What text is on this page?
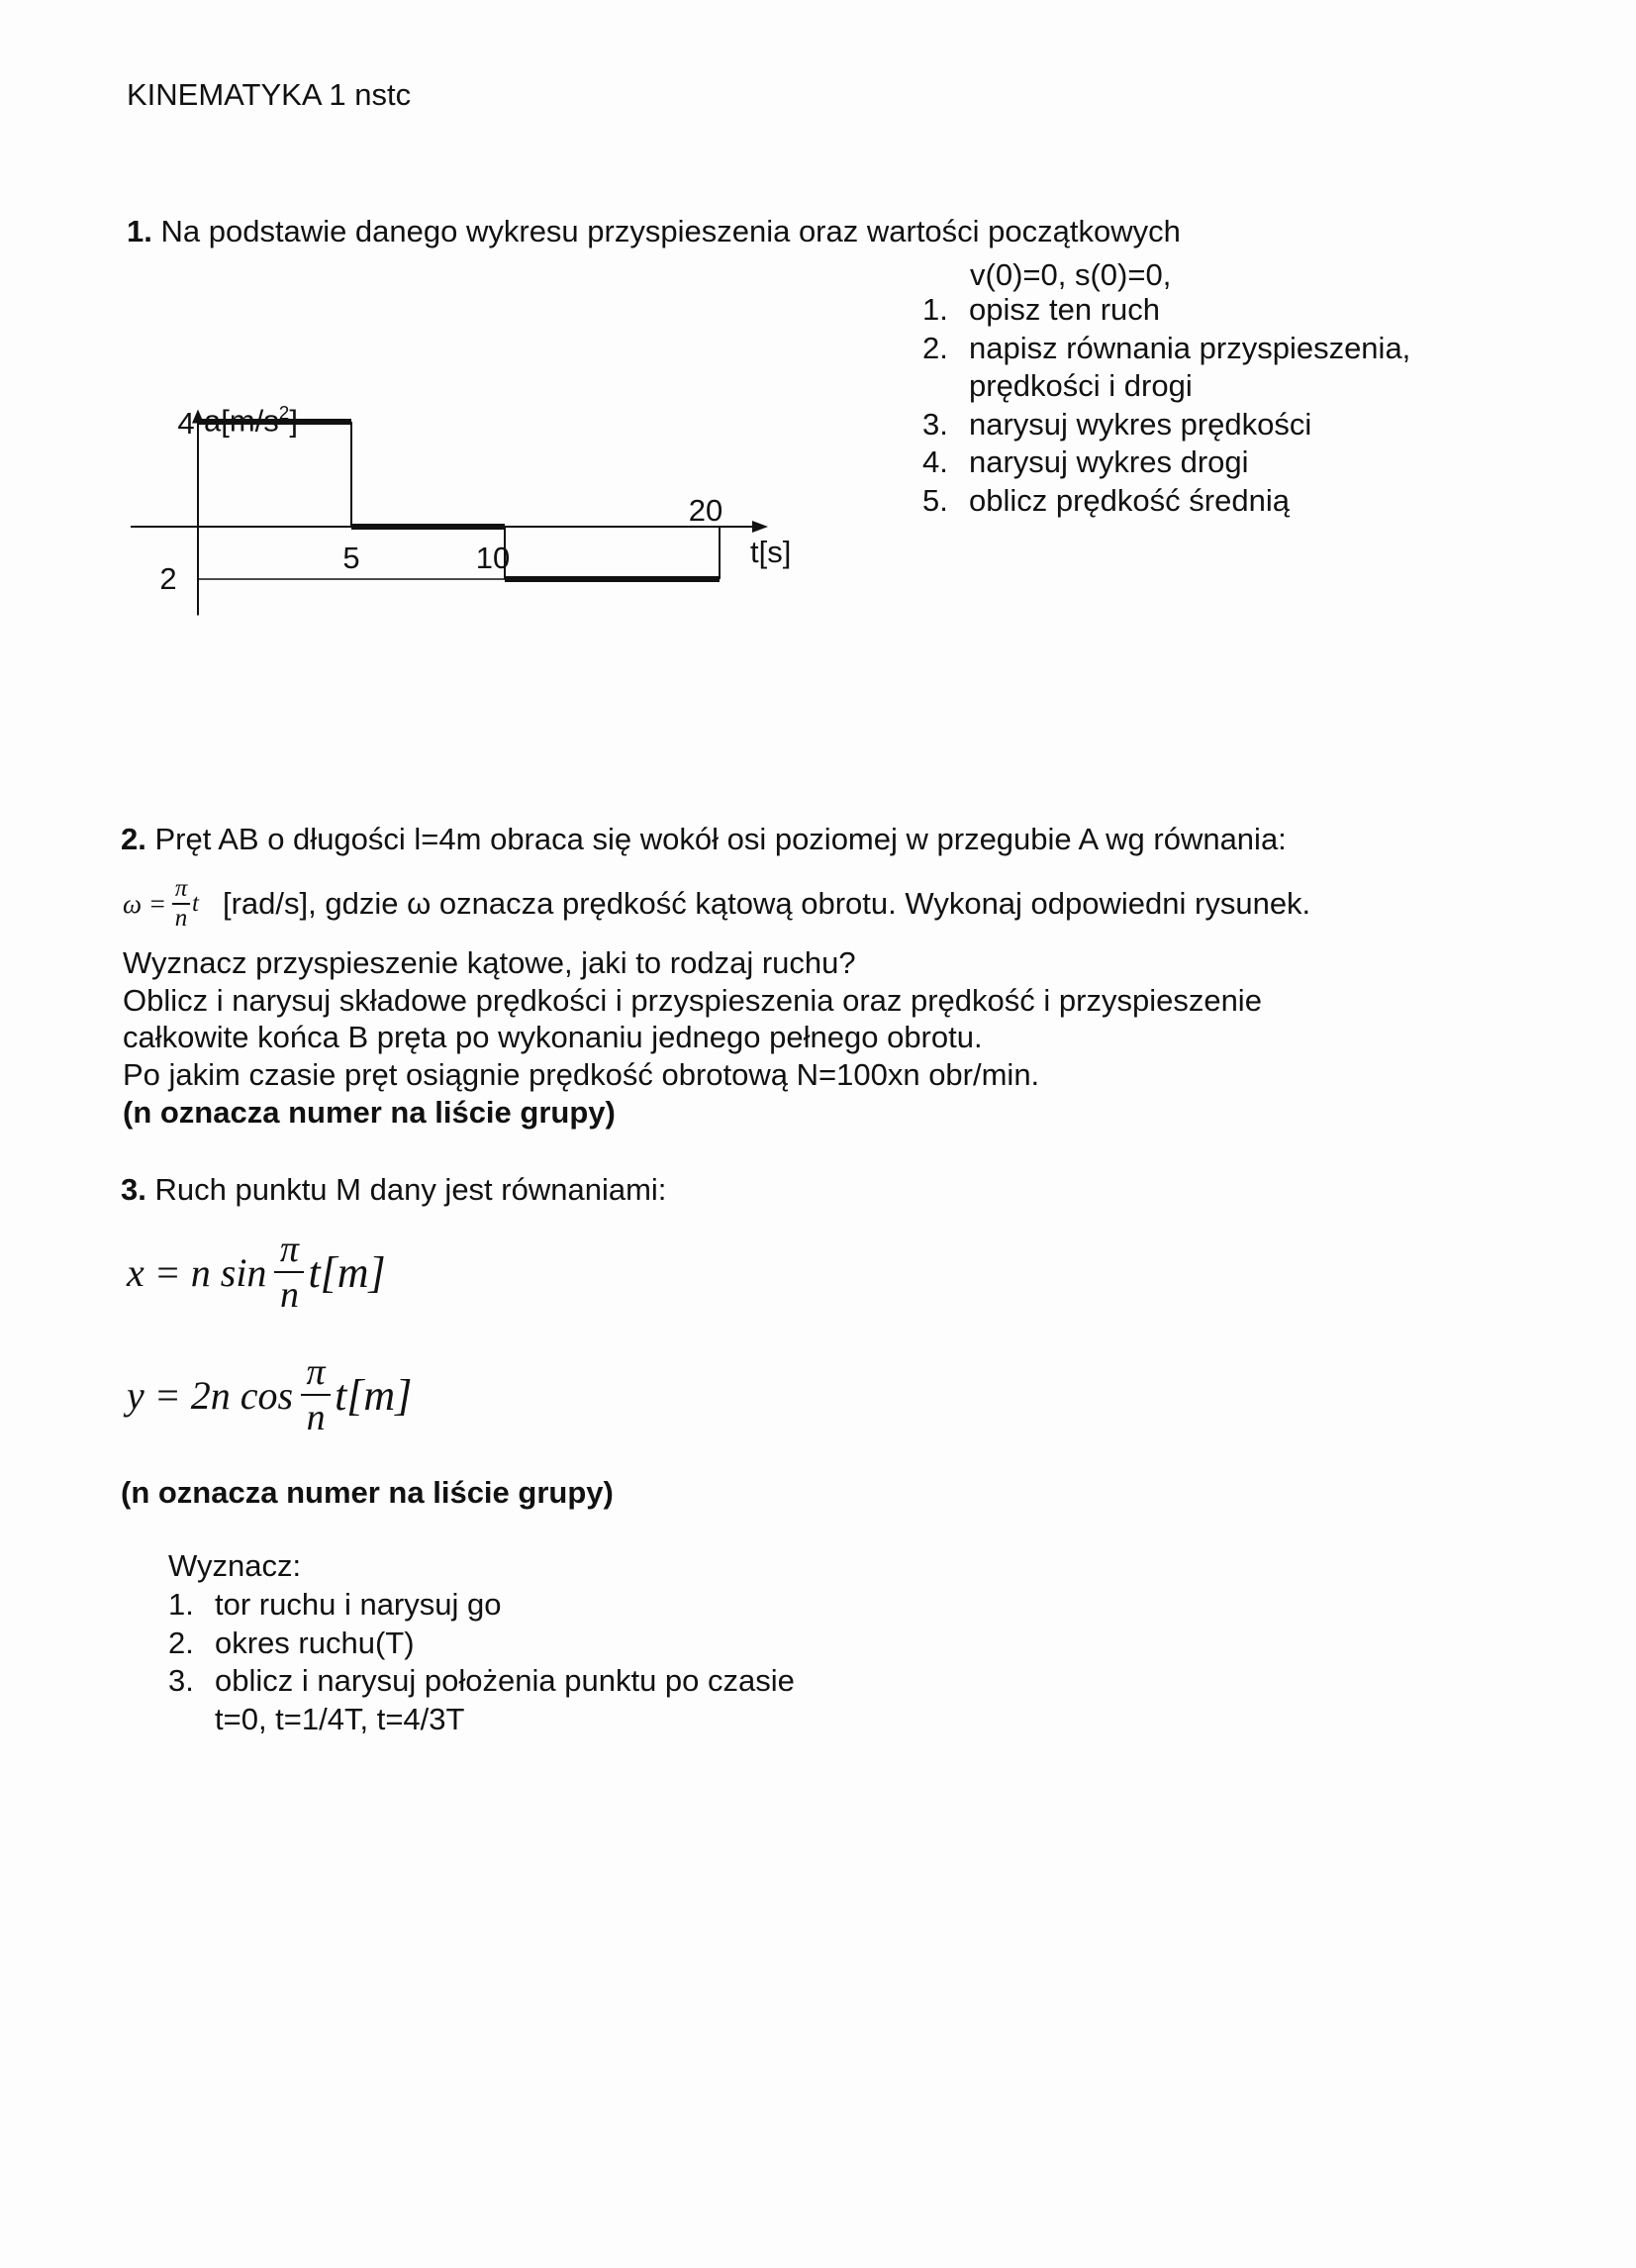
KINEMATYKA 1 nstc
1. Na podstawie danego wykresu przyspieszenia oraz wartości początkowych
v(0)=0, s(0)=0,
1. opisz ten ruch
2. napisz równania przyspieszenia,
prędkości i drogi
3. narysuj wykres prędkości
4. narysuj wykres drogi
5. oblicz prędkość średnią
5	10
20
4
2
$a[m/s^2]$
t[s]
2. Pręt AB o długości l=4m obraca się wokół osi poziomej w przegubie A wg równania:
$\omega = \frac{\pi}{n}$ t [rad/s], gdzie ω oznacza prędkość kątową obrotu. Wykonaj odpowiedni rysunek.
Wyznacz przyspieszenie kątowe, jaki to rodzaj ruchu?
Oblicz i narysuj składowe prędkości i przyspieszenia oraz prędkość i przyspieszenie
całkowite końca B pręta po wykonaniu jednego pełnego obrotu.
Po jakim czasie pręt osiągnie prędkość obrotową N=100xn obr/min.
(n oznacza numer na liście grupy)
3. Ruch punktu M dany jest równaniami:
x = n $\sin \frac{\pi}{n} t[m]$
y = 2n $\cos \frac{\pi}{n} t[m]$
(n oznacza numer na liście grupy)
Wyznacz:
1. tor ruchu i narysuj go
2. okres ruchu(T)
3. oblicz i narysuj położenia punktu po czasie
t=0, t=1/4T, t=4/3T
